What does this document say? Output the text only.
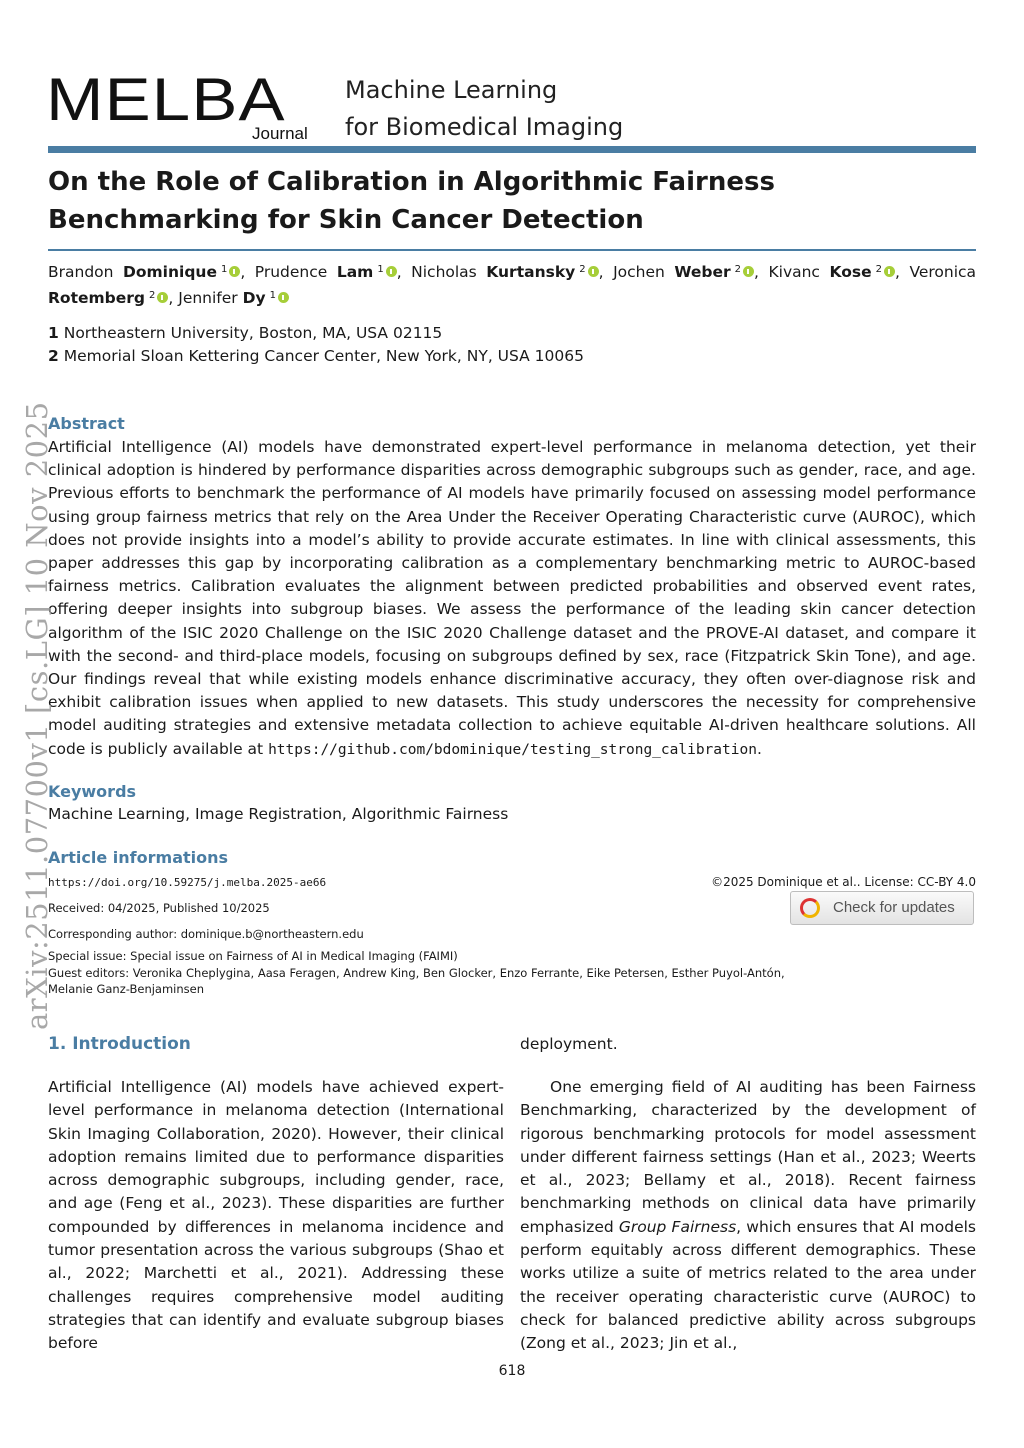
MELBA
Journal
Machine Learning
for Biomedical Imaging
On the Role of Calibration in Algorithmic Fairness Benchmarking for Skin Cancer Detection
Brandon Dominique $^1$ , Prudence Lam $^1$ , Nicholas Kurtansky $^2$ , Jochen Weber $^2$ , Kivanc Kose $^2$ , Veronica Rotemberg $^2$ , Jennifer Dy $^1$
1 Northeastern University, Boston, MA, USA 02115
2 Memorial Sloan Kettering Cancer Center, New York, NY, USA 10065
Abstract
Artificial Intelligence (AI) models have demonstrated expert-level performance in melanoma detection, yet their clinical adoption is hindered by performance disparities across demographic subgroups such as gender, race, and age. Previous efforts to benchmark the performance of AI models have primarily focused on assessing model performance using group fairness metrics that rely on the Area Under the Receiver Operating Characteristic curve (AUROC), which does not provide insights into a model’s ability to provide accurate estimates. In line with clinical assessments, this paper addresses this gap by incorporating calibration as a complementary benchmarking metric to AUROC-based fairness metrics. Calibration evaluates the alignment between predicted probabilities and observed event rates, offering deeper insights into subgroup biases. We assess the performance of the leading skin cancer detection algorithm of the ISIC 2020 Challenge on the ISIC 2020 Challenge dataset and the PROVE-AI dataset, and compare it with the second- and third-place models, focusing on subgroups defined by sex, race (Fitzpatrick Skin Tone), and age. Our findings reveal that while existing models enhance discriminative accuracy, they often over-diagnose risk and exhibit calibration issues when applied to new datasets. This study underscores the necessity for comprehensive model auditing strategies and extensive metadata collection to achieve equitable AI-driven healthcare solutions. All code is publicly available at https://github.com/bdominique/testing_strong_calibration.
Keywords
Machine Learning, Image Registration, Algorithmic Fairness
Article informations
https://doi.org/10.59275/j.melba.2025-ae66	©2025 Dominique et al.. License: CC-BY 4.0
Received: 04/2025, Published 10/2025	Check for updates
Corresponding author: dominique.b@northeastern.edu
Special issue: Special issue on Fairness of AI in Medical Imaging (FAIMI)
Guest editors: Veronika Cheplygina, Aasa Feragen, Andrew King, Ben Glocker, Enzo Ferrante, Eike Petersen, Esther Puyol-Antón, Melanie Ganz-Benjaminsen
arXiv:2511.07700v1 [cs.LG] 10 Nov 2025
1. Introduction
Artificial Intelligence (AI) models have achieved expert-level performance in melanoma detection (International Skin Imaging Collaboration, 2020). However, their clinical adoption remains limited due to performance disparities across demographic subgroups, including gender, race, and age (Feng et al., 2023). These disparities are further compounded by differences in melanoma incidence and tumor presentation across the various subgroups (Shao et al., 2022; Marchetti et al., 2021). Addressing these challenges requires comprehensive model auditing strategies that can identify and evaluate subgroup biases before
deployment.
One emerging field of AI auditing has been Fairness Benchmarking, characterized by the development of rigorous benchmarking protocols for model assessment under different fairness settings (Han et al., 2023; Weerts et al., 2023; Bellamy et al., 2018). Recent fairness benchmarking methods on clinical data have primarily emphasized Group Fairness, which ensures that AI models perform equitably across different demographics. These works utilize a suite of metrics related to the area under the receiver operating characteristic curve (AUROC) to check for balanced predictive ability across subgroups (Zong et al., 2023; Jin et al.,
618
